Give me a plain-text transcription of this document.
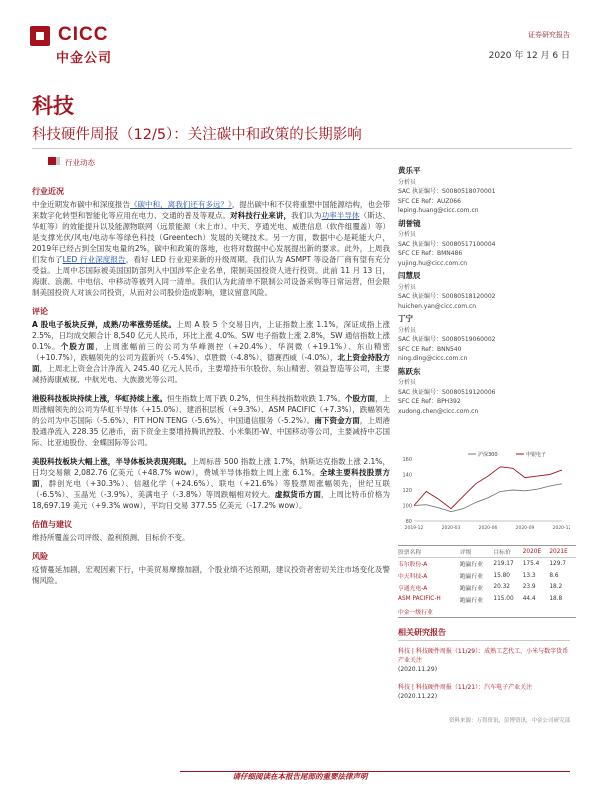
CICC
中金公司
证券研究报告
2020 年 12 月 6 日
科技
科技硬件周报（12/5）：关注碳中和政策的长期影响
行业动态
行业近况

中金近期发布碳中和深度报告《碳中和，离我们还有多远？》，提出碳中和不仅将重塑中国能源结构，也会带来数字化转型和智能化等应用在电力、交通的普及等观点。对科技行业来讲，我们认为功率半导体（斯达、华虹等）的效能提升以及能源物联网（远景能源（未上市）、中天、亨通光电、威胜信息（软件组覆盖）等）是支撑光伏/风电/电动车等绿色科技（Greentech）发展的关键技术。另一方面，数据中心是耗能大户，2019年已经占到全国发电量的2%，碳中和政策的落地，也将对数据中心发展提出新的要求。此外，上周我们发布了LED 行业深度报告，看好 LED 行业迎来新的升级周期。我们认为 ASMPT 等设备厂商有望有充分受益。上周中芯国际被美国国防部列入中国涉军企业名单，限制美国投资人进行投资。此前 11 月 13 日，海康、浪潮、中电信、中移动等被列入同一清单。我们认为此清单不限制公司设备采购等日常运营，但会限制美国投资人对该公司投资，从而对公司股价造成影响，建议留意风险。

评论

A 股电子板块反弹，成熟/功率涨势延续。上周 A 股 5 个交易日内，上证指数上涨 1.1%，深证成指上涨 2.5%，日均成交额合计 8,540 亿元人民币，环比上涨 4.0%。SW 电子指数上涨 2.8%，SW 通信指数上涨 0.1%。个股方面，上周涨幅前三的公司为华峰测控（+20.4%）、华润微（+19.1%）、东山精密（+10.7%），跌幅领先的公司为蓝新兴（-5.4%）、卓胜微（-4.8%）、德赛西威（-4.0%），北上资金持股方面，上周北上资金合计净流入 245.40 亿元人民币，主要增持韦尔股份、东山精密、领益智造等公司，主要减持海康威视、中航光电、大族激光等公司。

港股科技板块持续上涨，华虹持续上涨。恒生指数上周下跌 0.2%，恒生科技指数收跌 1.7%。个股方面，上周涨幅领先的公司为华虹半导体（+15.0%）、建滔积层板（+9.3%）、ASM PACIFIC（+7.3%），跌幅领先的公司为中芯国际（-5.6%）、FIT HON TENG（-5.6%）、中国通信服务（-5.2%）。南下资金方面，上周港股通净流入 228.35 亿港币，南下资金主要增持腾讯控股、小米集团-W、中国移动等公司，主要减持中芯国际、比亚迪股份、金蝶国际等公司。

美股科技板块大幅上涨，半导体板块表现亮眼。上周标普 500 指数上涨 1.7%，纳斯达克指数上涨 2.1%，日均交易额 2,082.76 亿美元（+48.7% wow），费城半导体指数上周上涨 6.1%。全球主要科技股票方面，群创光电（+30.3%）、信越化学（+24.6%）、联电（+21.6%）等股票周涨幅领先，世纪互联（-6.5%）、玉晶光（-3.9%）、美满电子（-3.8%）等周跌幅相对较大。虚拟货币方面，上周比特币价格为 18,697.19 美元（+9.3% wow），平均日交易 377.55 亿美元（-17.2% wow）。

估值与建议

维持所覆盖公司评级、盈利预测、目标价不变。

风险

疫情蔓延加剧，宏观因素下行，中美贸易摩擦加剧，个股业绩不达预期，建议投资者密切关注市场变化及警惕风险。

黄乐平
分析员
SAC 执证编号：S0080518070001
SFC CE Ref：AUZ066
leping.huang@cicc.com.cn
胡誉镜
分析员
SAC 执证编号：S0080517100004
SFC CE Ref：BMN486
yujing.hu@cicc.com.cn
闫慧辰
分析员
SAC 执证编号：S0080518120002
huichen.yan@cicc.com.cn
丁宁
分析员
SAC 执证编号：S0080519060002
SFC CE Ref：BNN540
ning.ding@cicc.com.cn
陈跃东
分析员
SAC 执证编号：S0080519120006
SFC CE Ref：BPH392
xudong.chen@cicc.com.cn
80
100
120
140
160
2019-12	2020-03	2020-06	2020-09	2020-12
沪深300	申银电子
股票名称	评级	目标价	2020E	2021E
韦尔股份-A	跑赢行业	219.17	175.4	129.7
中天科技-A	跑赢行业	15.80	13.3	8.6
亨通光电-A	跑赢行业	20.32	23.9	18.2
ASM PACIFIC-H	跑赢行业	115.00	44.4	18.8
中金一级行业				
相关研究报告
科技 | 科技硬件周报（11/29）：成熟工艺代工、小米与数字货币产业关注
(2020.11.29)
科技 | 科技硬件周报（11/21）：汽车电子产业关注
(2020.11.22)
资料来源：万得资讯，彭博资讯，中金公司研究部
请仔细阅读在本报告尾部的重要法律声明
